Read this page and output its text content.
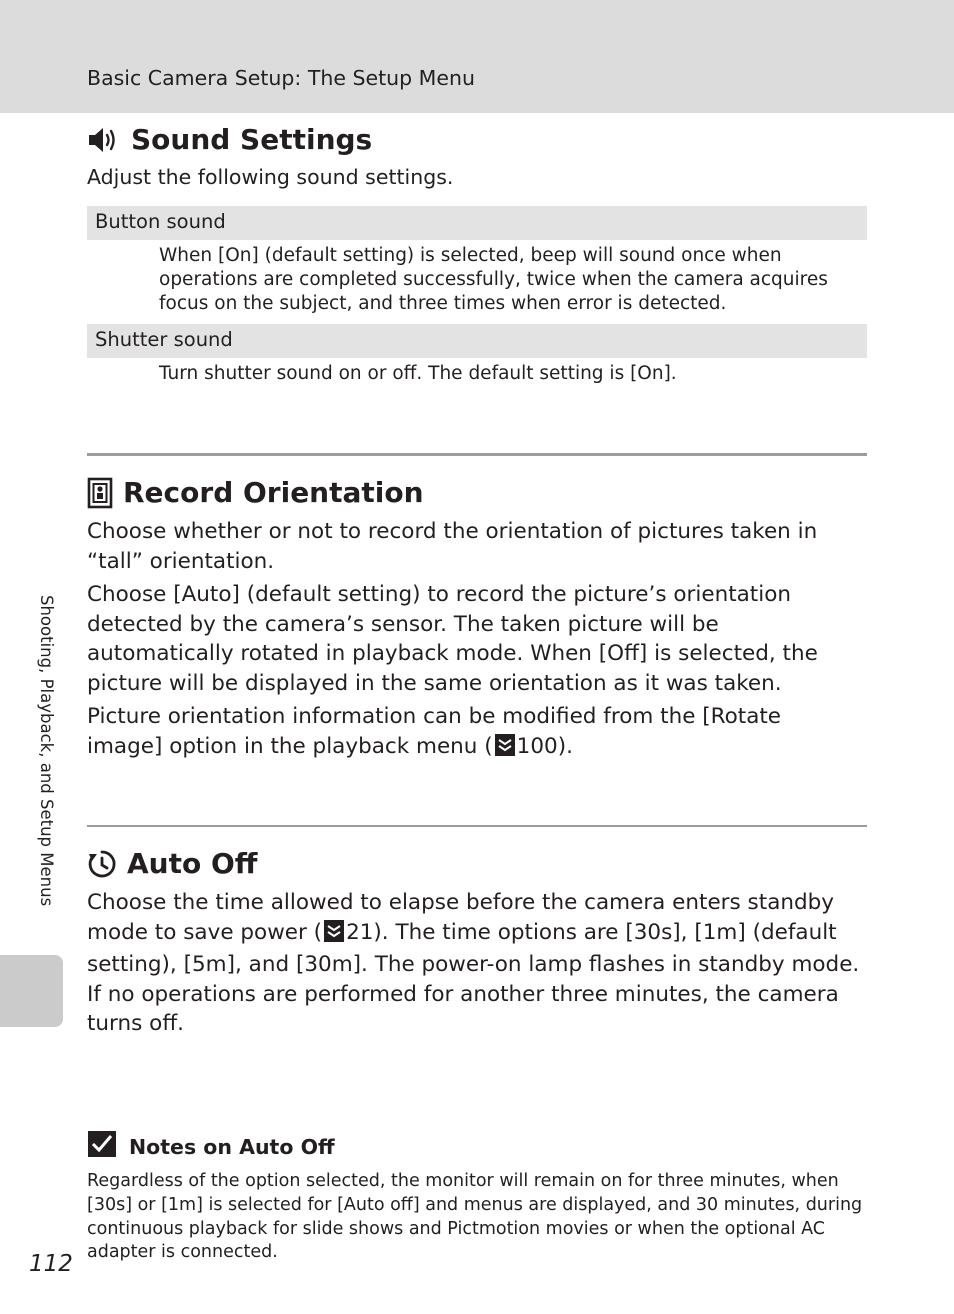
Basic Camera Setup: The Setup Menu
Shooting, Playback, and Setup Menus
Sound Settings
Adjust the following sound settings.
Button sound
When [On] (default setting) is selected, beep will sound once when operations are completed successfully, twice when the camera acquires focus on the subject, and three times when error is detected.
Shutter sound
Turn shutter sound on or off. The default setting is [On].
Record Orientation
Choose whether or not to record the orientation of pictures taken in “tall” orientation.
Choose [Auto] (default setting) to record the picture’s orientation detected by the camera’s sensor. The taken picture will be automatically rotated in playback mode. When [Off] is selected, the picture will be displayed in the same orientation as it was taken.
Picture orientation information can be modified from the [Rotate image] option in the playback menu ( 100).
Auto Off
Choose the time allowed to elapse before the camera enters standby mode to save power ( 21). The time options are [30s], [1m] (default setting), [5m], and [30m]. The power-on lamp flashes in standby mode. If no operations are performed for another three minutes, the camera turns off.
Notes on Auto Off
Regardless of the option selected, the monitor will remain on for three minutes, when [30s] or [1m] is selected for [Auto off] and menus are displayed, and 30 minutes, during continuous playback for slide shows and Pictmotion movies or when the optional AC adapter is connected.
112
